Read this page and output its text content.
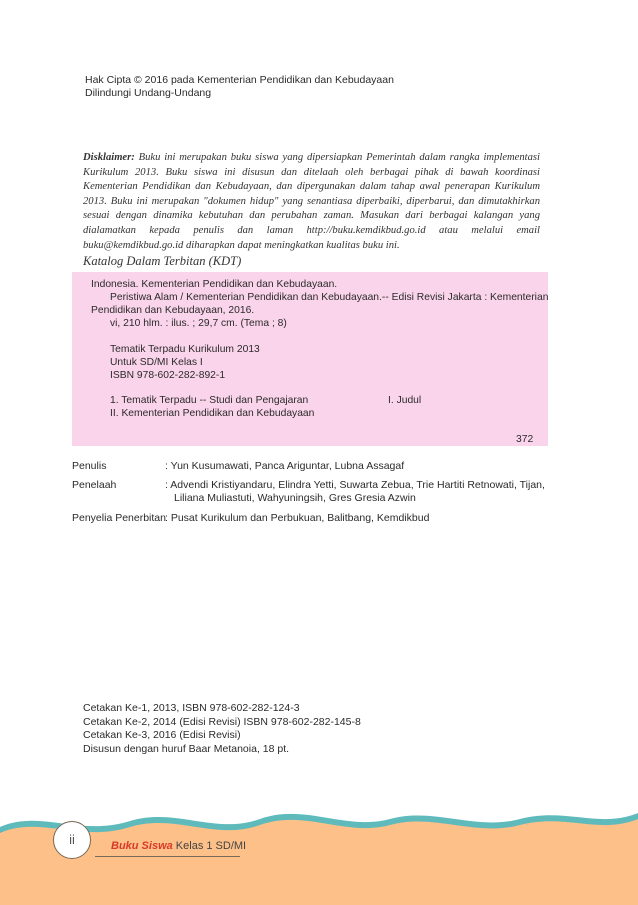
Hak Cipta © 2016 pada Kementerian Pendidikan dan Kebudayaan
Dilindungi Undang-Undang
Disklaimer: Buku ini merupakan buku siswa yang dipersiapkan Pemerintah dalam rangka implementasi Kurikulum 2013. Buku siswa ini disusun dan ditelaah oleh berbagai pihak di bawah koordinasi Kementerian Pendidikan dan Kebudayaan, dan dipergunakan dalam tahap awal penerapan Kurikulum 2013. Buku ini merupakan "dokumen hidup" yang senantiasa diperbaiki, diperbarui, dan dimutakhirkan sesuai dengan dinamika kebutuhan dan perubahan zaman. Masukan dari berbagai kalangan yang dialamatkan kepada penulis dan laman http://buku.kemdikbud.go.id atau melalui email buku@kemdikbud.go.id diharapkan dapat meningkatkan kualitas buku ini.
Katalog Dalam Terbitan (KDT)
Indonesia. Kementerian Pendidikan dan Kebudayaan.
Peristiwa Alam / Kementerian Pendidikan dan Kebudayaan.-- Edisi Revisi Jakarta : Kementerian
Pendidikan dan Kebudayaan, 2016.
vi, 210 hlm. : ilus. ; 29,7 cm. (Tema ; 8)
Tematik Terpadu Kurikulum 2013
Untuk SD/MI Kelas I
ISBN 978-602-282-892-1
1. Tematik Terpadu -- Studi dan Pengajaran	I. Judul
II. Kementerian Pendidikan dan Kebudayaan
372
Penulis	: Yun Kusumawati, Panca Ariguntar, Lubna Assagaf
Penelaah	: Advendi Kristiyandaru, Elindra Yetti, Suwarta Zebua, Trie Hartiti Retnowati, Tijan,
Liliana Muliastuti, Wahyuningsih, Gres Gresia Azwin
Penyelia Penerbitan : Pusat Kurikulum dan Perbukuan, Balitbang, Kemdikbud
Cetakan Ke-1, 2013, ISBN 978-602-282-124-3
Cetakan Ke-2, 2014 (Edisi Revisi) ISBN 978-602-282-145-8
Cetakan Ke-3, 2016 (Edisi Revisi)
Disusun dengan huruf Baar Metanoia, 18 pt.
ii	Buku Siswa Kelas 1 SD/MI
